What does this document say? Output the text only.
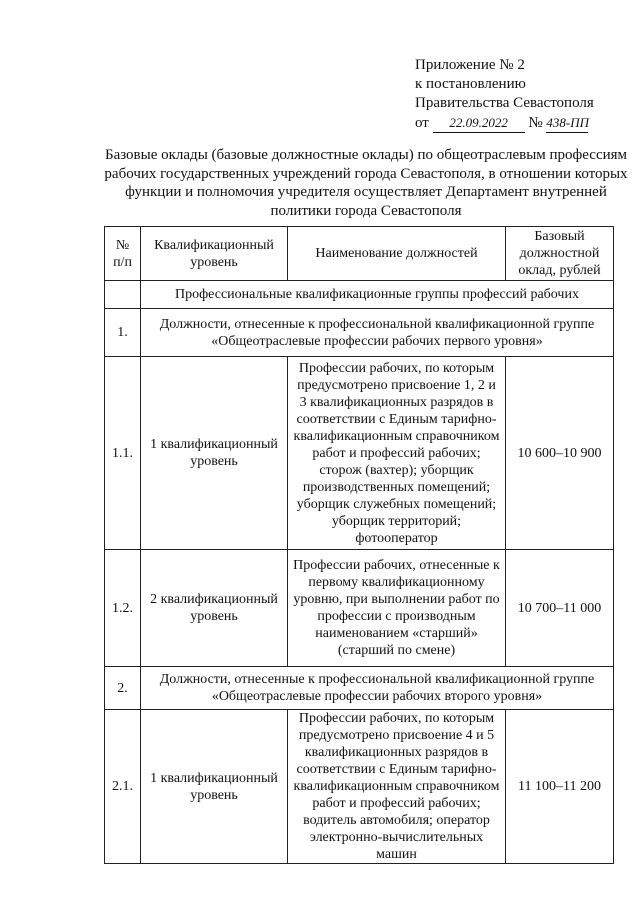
Приложение № 2
к постановлению
Правительства Севастополя
от 22.09.2022 № 438-ПП
Базовые оклады (базовые должностные оклады) по общеотраслевым профессиям рабочих государственных учреждений города Севастополя, в отношении которых функции и полномочия учредителя осуществляет Департамент внутренней политики города Севастополя
№ п/п	Квалификационный уровень	Наименование должностей	Базовый должностной оклад, рублей
	Профессиональные квалификационные группы профессий рабочих		
1.	Должности, отнесенные к профессиональной квалификационной группе «Общеотраслевые профессии рабочих первого уровня»		
1.1.	1 квалификационный уровень	Профессии рабочих, по которым предусмотрено присвоение 1, 2 и 3 квалификационных разрядов в соответствии с Единым тарифно-квалификационным справочником работ и профессий рабочих; сторож (вахтер); уборщик производственных помещений; уборщик служебных помещений; уборщик территорий; фотооператор	10 600–10 900
1.2.	2 квалификационный уровень	Профессии рабочих, отнесенные к первому квалификационному уровню, при выполнении работ по профессии с производным наименованием «старший» (старший по смене)	10 700–11 000
2.	Должности, отнесенные к профессиональной квалификационной группе «Общеотраслевые профессии рабочих второго уровня»		
2.1.	1 квалификационный уровень	Профессии рабочих, по которым предусмотрено присвоение 4 и 5 квалификационных разрядов в соответствии с Единым тарифно-квалификационным справочником работ и профессий рабочих; водитель автомобиля; оператор электронно-вычислительных машин	11 100–11 200
